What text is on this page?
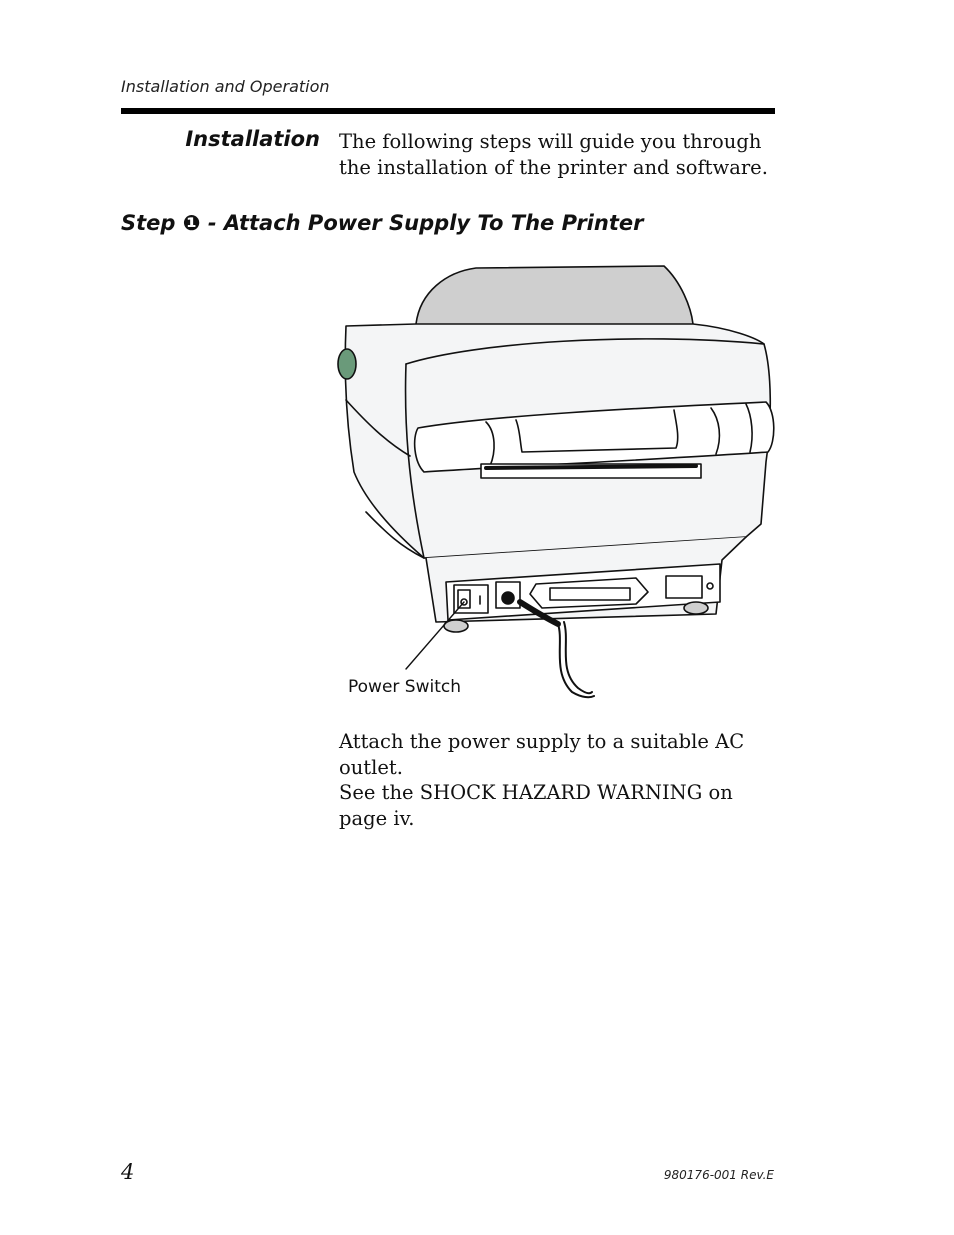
Installation and Operation
Installation The following steps will guide you through the installation of the printer and software.
Step ❶ - Attach Power Supply To The Printer
Power Switch
Attach the power supply to a suitable AC outlet.
See the SHOCK HAZARD WARNING on page iv.
4	980176-001 Rev.E
